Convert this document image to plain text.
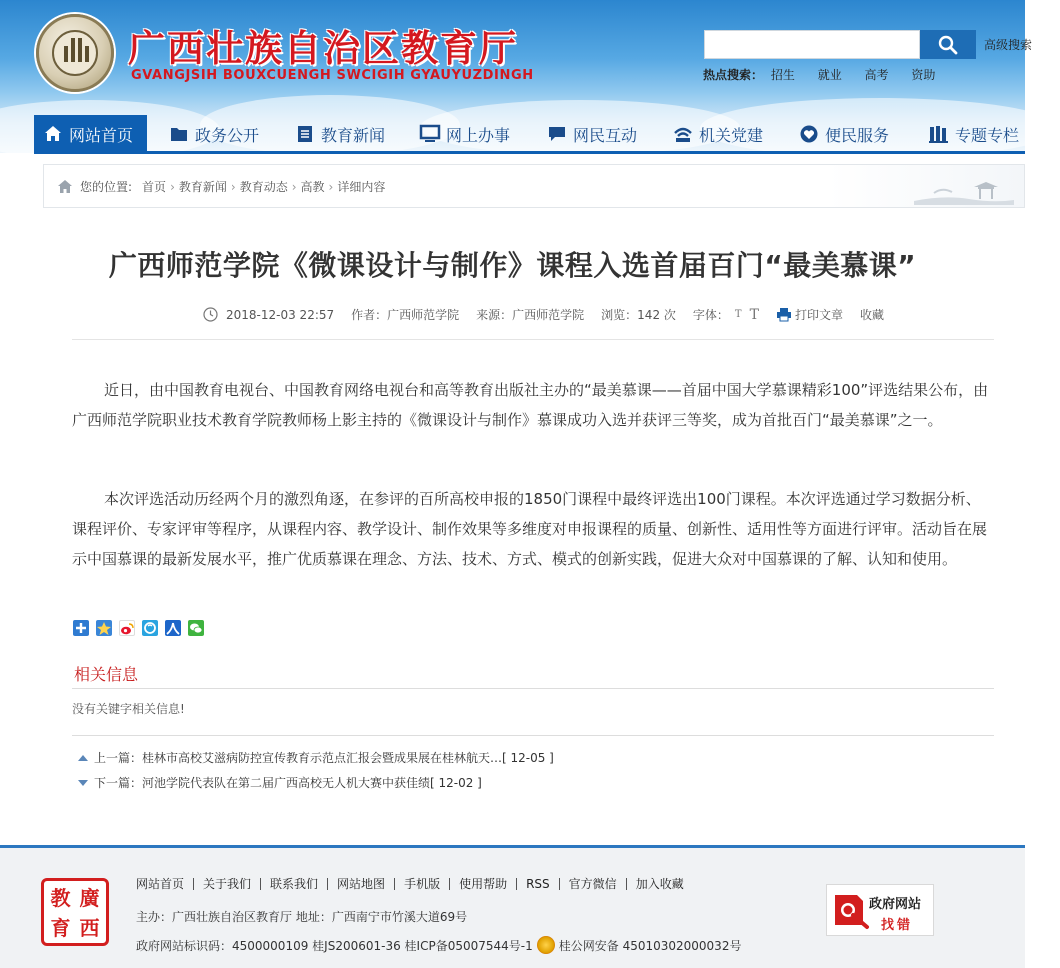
广西壮族自治区教育厅
GVANGJSIH BOUXCUENGH SWCIGIH GYAUYUZDINGH
高级搜索
热点搜索： 招生 就业 高考 资助
网站首页	政务公开	教育新闻	网上办事	网民互动	机关党建	便民服务	专题专栏
您的位置: 首页 › 教育新闻 › 教育动态 › 高教 › 详细内容
广西师范学院《微课设计与制作》课程入选首届百门“最美慕课”
2018-12-03 22:57 作者：广西师范学院 来源：广西师范学院 浏览：142 次 字体： T T	打印文章 收藏

近日，由中国教育电视台、中国教育网络电视台和高等教育出版社主办的“最美慕课——首届中国大学慕课精彩100”评选结果公布，由广西师范学院职业技术教育学院教师杨上影主持的《微课设计与制作》慕课成功入选并获评三等奖，成为首批百门“最美慕课”之一。

本次评选活动历经两个月的激烈角逐，在参评的百所高校申报的1850门课程中最终评选出100门课程。本次评选通过学习数据分析、课程评价、专家评审等程序，从课程内容、教学设计、制作效果等多维度对申报课程的质量、创新性、适用性等方面进行评审。活动旨在展示中国慕课的最新发展水平，推广优质慕课在理念、方法、技术、方式、模式的创新实践，促进大众对中国慕课的了解、认知和使用。

相关信息
没有关键字相关信息!
上一篇：桂林市高校艾滋病防控宣传教育示范点汇报会暨成果展在桂林航天…[ 12-05 ]
下一篇：河池学院代表队在第二届广西高校无人机大赛中获佳绩[ 12-02 ]
教 廣
育 西
网站首页	关于我们	联系我们	网站地图	手机版	使用帮助	RSS	官方微信	加入收藏
主办：广西壮族自治区教育厅 地址：广西南宁市竹溪大道69号
政府网站标识码：4500000109 桂JS200601-36 桂ICP备05007544号-1 桂公网安备 45010302000032号
政府网站
找错
